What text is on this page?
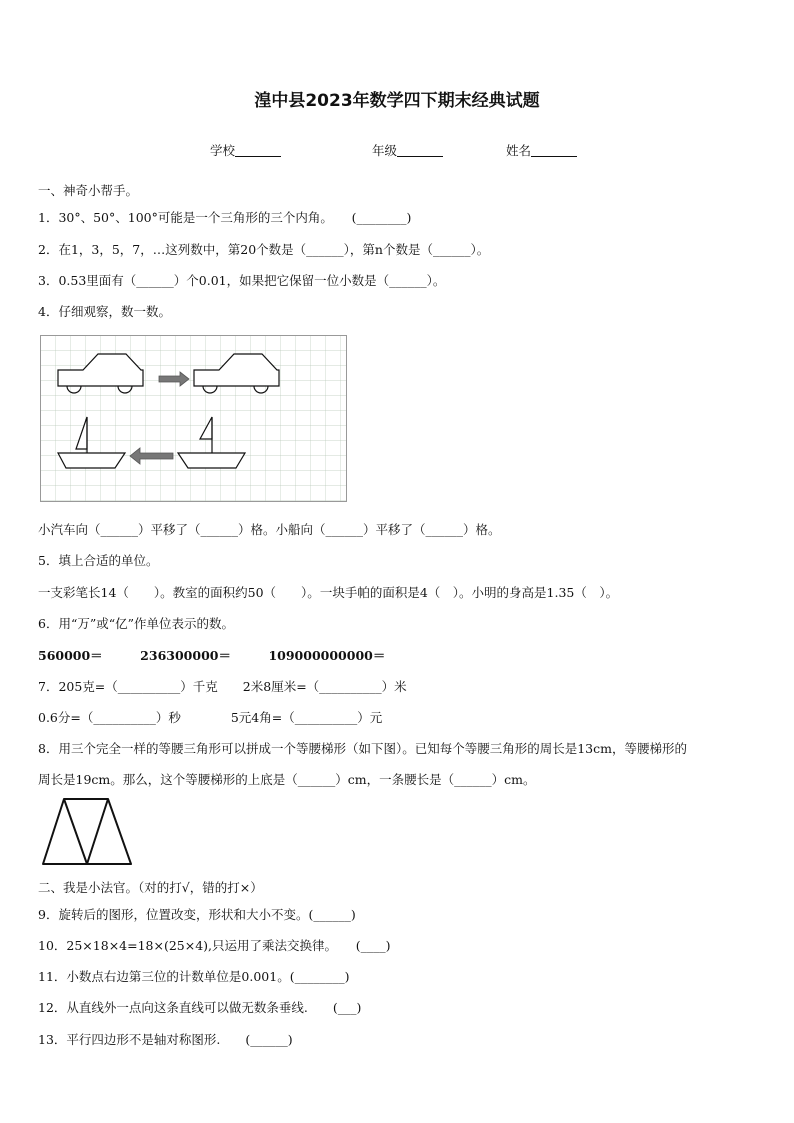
湟中县2023年数学四下期末经典试题
学校	年级	姓名
一、神奇小帮手。
1．30°、50°、100°可能是一个三角形的三个内角。　　(________)
2．在1，3，5，7，…这列数中，第20个数是（______），第n个数是（______）。
3．0.53里面有（______）个0.01，如果把它保留一位小数是（______）。
4．仔细观察，数一数。
小汽车向（______）平移了（______）格。小船向（______）平移了（______）格。
5．填上合适的单位。
一支彩笔长14（　　）。教室的面积约50（　　）。一块手帕的面积是4（　）。小明的身高是1.35（　）。
6．用“万”或“亿”作单位表示的数。
560000＝　　　236300000＝　　　109000000000＝
7．205克=（__________）千克　　2米8厘米=（__________）米
0.6分=（__________）秒　　　　5元4角=（__________）元
8．用三个完全一样的等腰三角形可以拼成一个等腰梯形（如下图）。已知每个等腰三角形的周长是13cm，等腰梯形的
周长是19cm。那么，这个等腰梯形的上底是（______）cm，一条腰长是（______）cm。
二、我是小法官。（对的打√，错的打×）
9．旋转后的图形，位置改变，形状和大小不变。(______)
10．25×18×4=18×(25×4),只运用了乘法交换律。　　(____)
11．小数点右边第三位的计数单位是0.001。(________)
12．从直线外一点向这条直线可以做无数条垂线.　　(___)
13．平行四边形不是轴对称图形.　　(______)
